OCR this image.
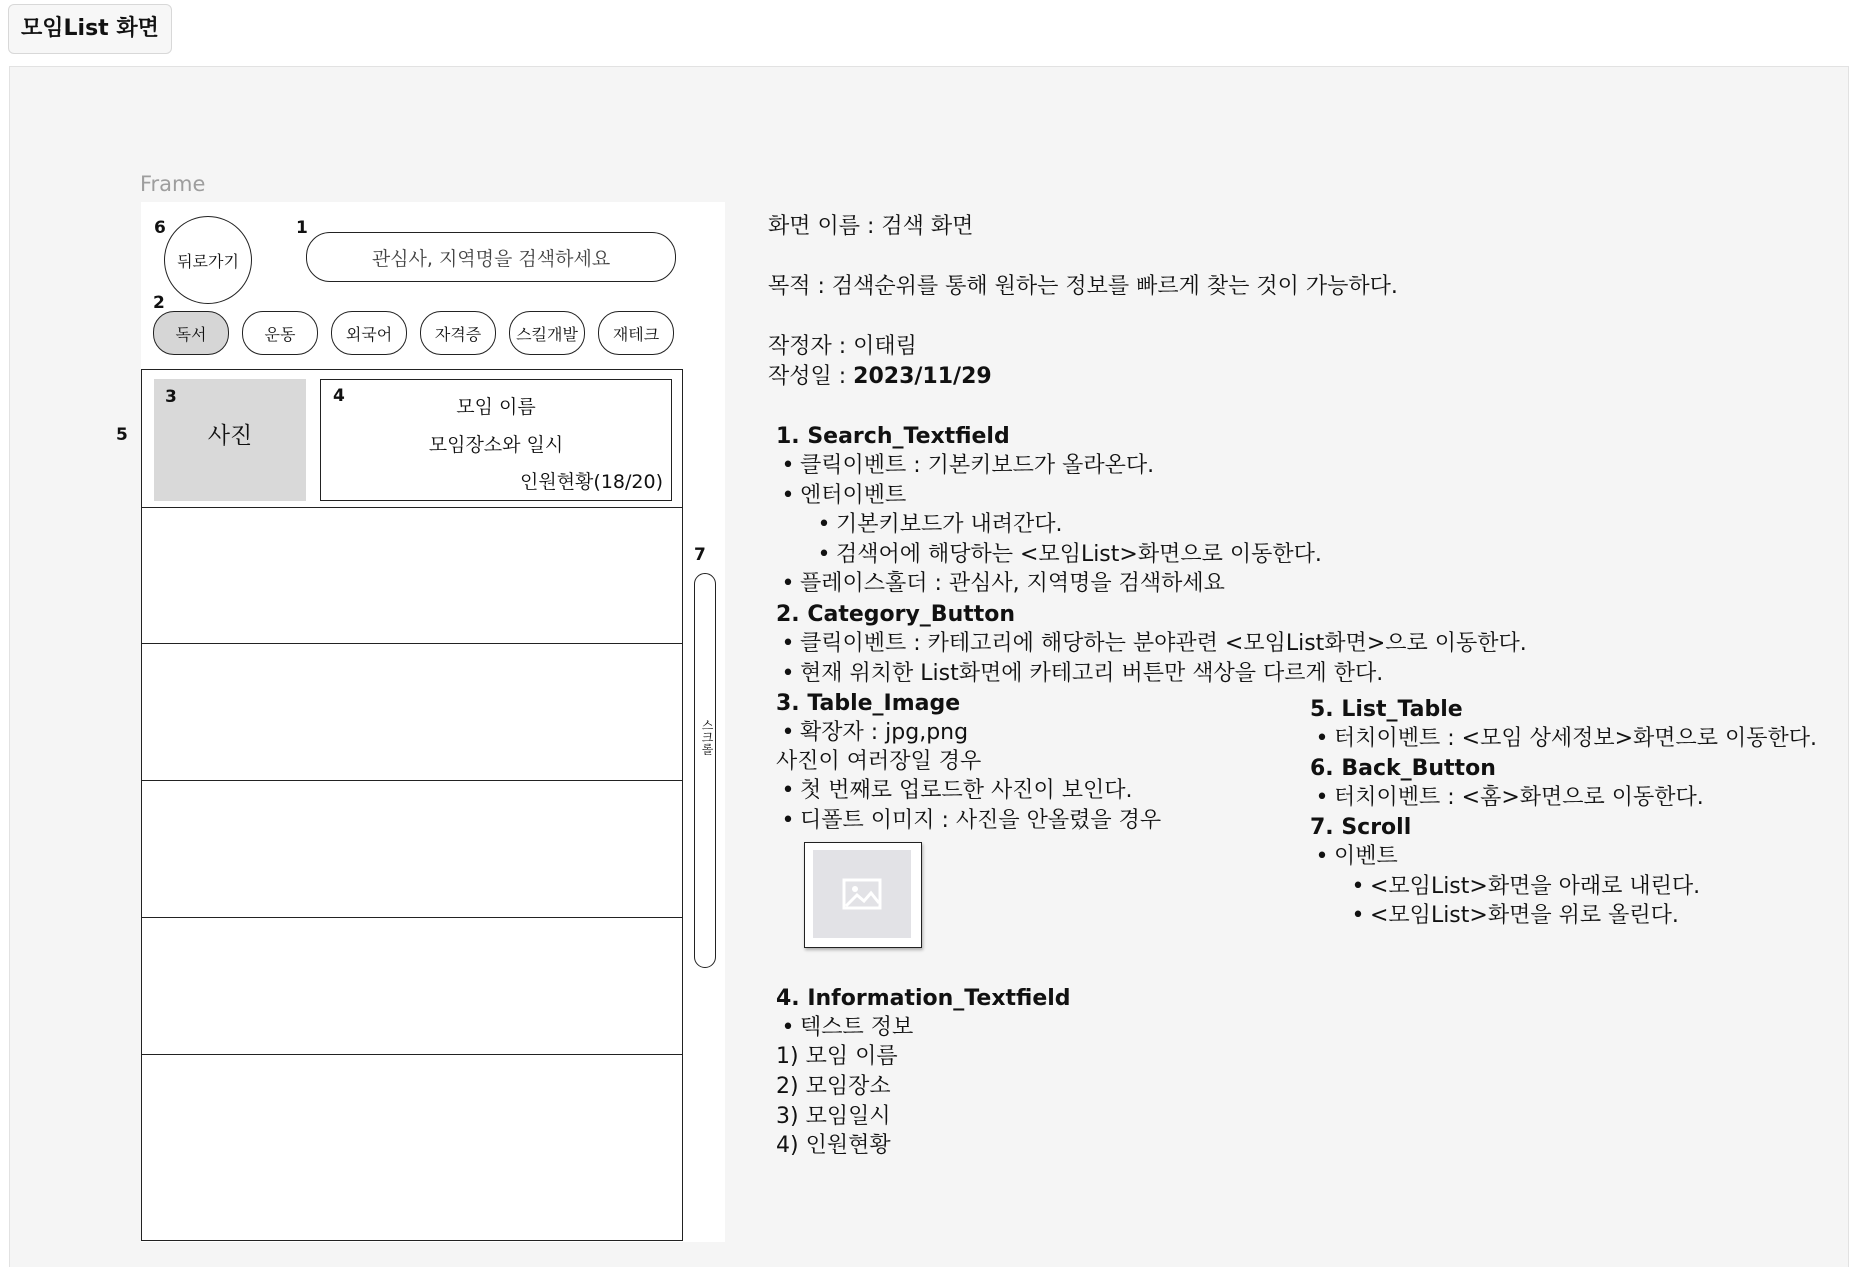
모임List 화면
Frame
6	1
2
5
7
뒤로가기	관심사, 지역명을 검색하세요
독서	운동	외국어	자격증	스킬개발	재테크
3
사진
4	모임 이름
모임장소와 일시
인원현황(18/20)
스크롤
화면 이름 : 검색 화면
목적 : 검색순위를 통해 원하는 정보를 빠르게 찾는 것이 가능하다.
작정자 : 이태림
작성일 : 2023/11/29
1. Search_Textfield
• 클릭이벤트 : 기본키보드가 올라온다.
• 엔터이벤트
• 기본키보드가 내려간다.
• 검색어에 해당하는 <모임List>화면으로 이동한다.
• 플레이스홀더 : 관심사, 지역명을 검색하세요
2. Category_Button
• 클릭이벤트 : 카테고리에 해당하는 분야관련 <모임List화면>으로 이동한다.
• 현재 위치한 List화면에 카테고리 버튼만 색상을 다르게 한다.
3. Table_Image
• 확장자 : jpg,png
사진이 여러장일 경우
• 첫 번째로 업로드한 사진이 보인다.
• 디폴트 이미지 : 사진을 안올렸을 경우
4. Information_Textfield
• 텍스트 정보
1) 모임 이름
2) 모임장소
3) 모임일시
4) 인원현황
5. List_Table
• 터치이벤트 : <모임 상세정보>화면으로 이동한다.
6. Back_Button
• 터치이벤트 : <홈>화면으로 이동한다.
7. Scroll
• 이벤트
• <모임List>화면을 아래로 내린다.
• <모임List>화면을 위로 올린다.
